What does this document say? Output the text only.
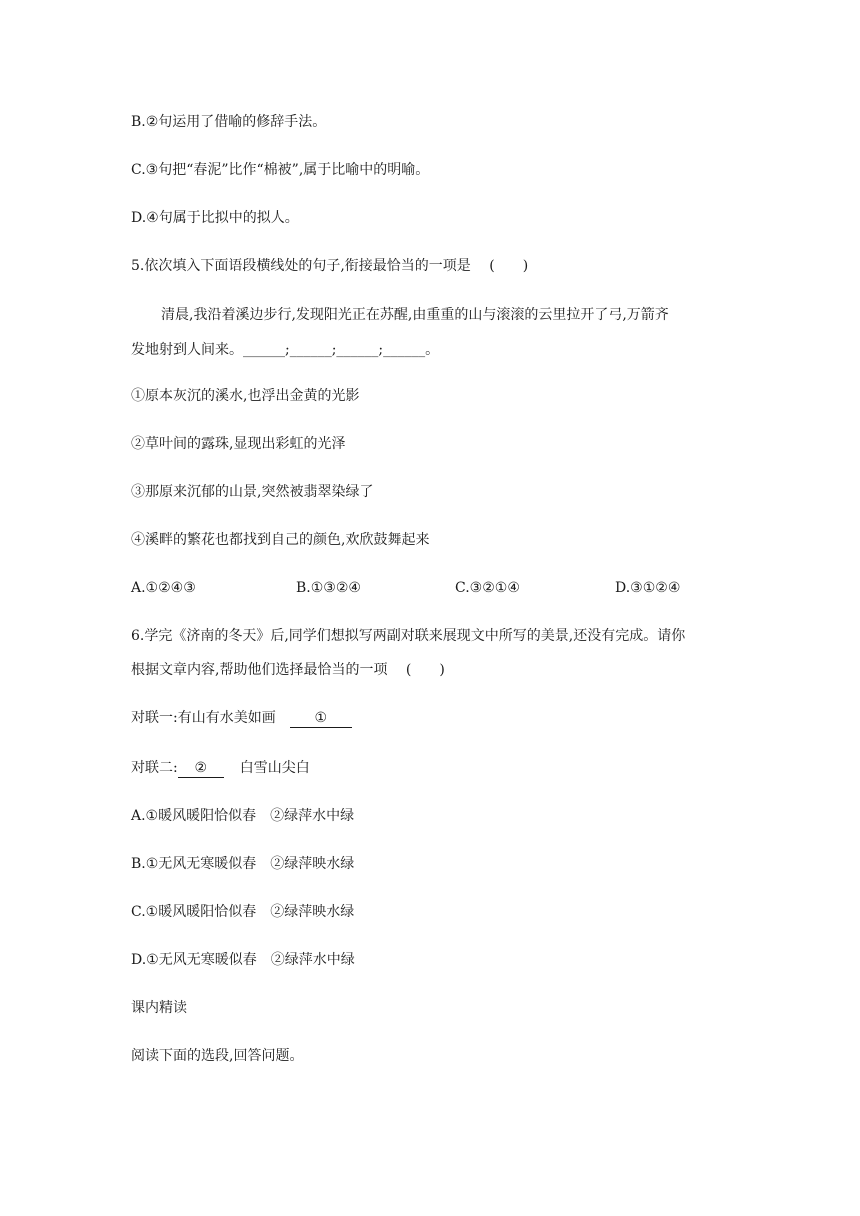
B.②句运用了借喻的修辞手法。
C.③句把“春泥”比作“棉被”,属于比喻中的明喻。
D.④句属于比拟中的拟人。
5.依次填入下面语段横线处的句子,衔接最恰当的一项是 (　　)
清晨,我沿着溪边步行,发现阳光正在苏醒,由重重的山与滚滚的云里拉开了弓,万箭齐
发地射到人间来。______;______;______;______。
①原本灰沉的溪水,也浮出金黄的光影
②草叶间的露珠,显现出彩虹的光泽
③那原来沉郁的山景,突然被翡翠染绿了
④溪畔的繁花也都找到自己的颜色,欢欣鼓舞起来
A.①②④③	B.①③②④	C.③②①④	D.③①②④
6.学完《济南的冬天》后,同学们想拟写两副对联来展现文中所写的美景,还没有完成。请你
根据文章内容,帮助他们选择最恰当的一项 (　　)
对联一:有山有水美如画	①
对联二: ② 白雪山尖白
A.①暖风暖阳恰似春　②绿萍水中绿
B.①无风无寒暖似春　②绿萍映水绿
C.①暖风暖阳恰似春　②绿萍映水绿
D.①无风无寒暖似春　②绿萍水中绿
课内精读
阅读下面的选段,回答问题。
